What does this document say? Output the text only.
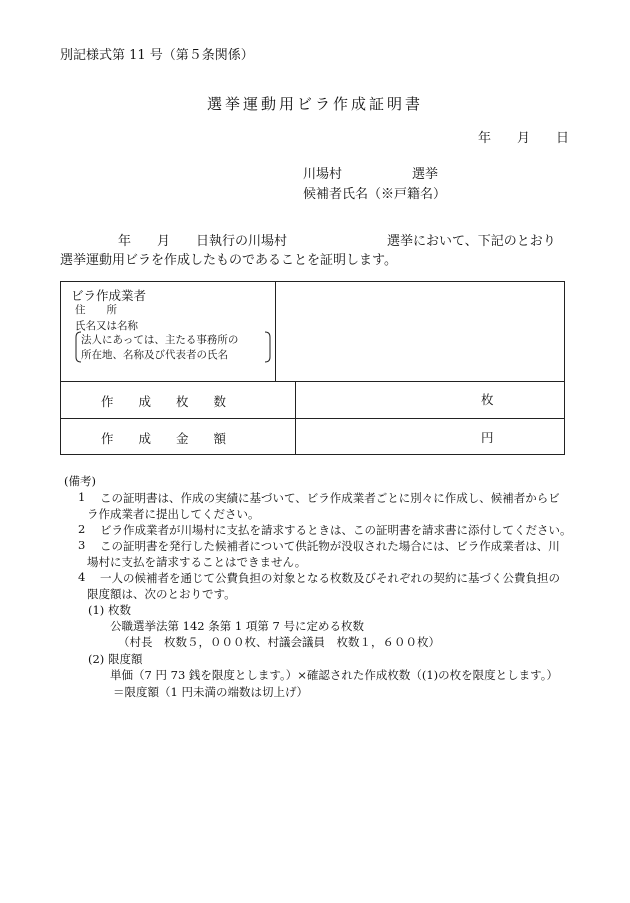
別記様式第 11 号（第５条関係）
選挙運動用ビラ作成証明書
年 月 日
川場村	選挙
候補者氏名（※戸籍名）
年 月 日執行の川場村	選挙において、下記のとおり
選挙運動用ビラを作成したものであることを証明します。
ビラ作成業者
住　　所
氏名又は名称
法人にあっては、主たる事務所の
所在地、名称及び代表者の氏名
作　　成　　枚　　数	枚
作　　成　　金　　額	円
(備考)
1 この証明書は、作成の実績に基づいて、ビラ作成業者ごとに別々に作成し、候補者からビ
ラ作成業者に提出してください。
2 ビラ作成業者が川場村に支払を請求するときは、この証明書を請求書に添付してください。
3 この証明書を発行した候補者について供託物が没収された場合には、ビラ作成業者は、川
場村に支払を請求することはできません。
4 一人の候補者を通じて公費負担の対象となる枚数及びそれぞれの契約に基づく公費負担の
限度額は、次のとおりです。
(1) 枚数
公職選挙法第 142 条第 1 項第 7 号に定める枚数
（村長　枚数５，０００枚、村議会議員　枚数１，６００枚）
(2) 限度額
単価（7 円 73 銭を限度とします。）×確認された作成枚数（(1)の枚を限度とします。）
＝限度額（1 円未満の端数は切上げ）
